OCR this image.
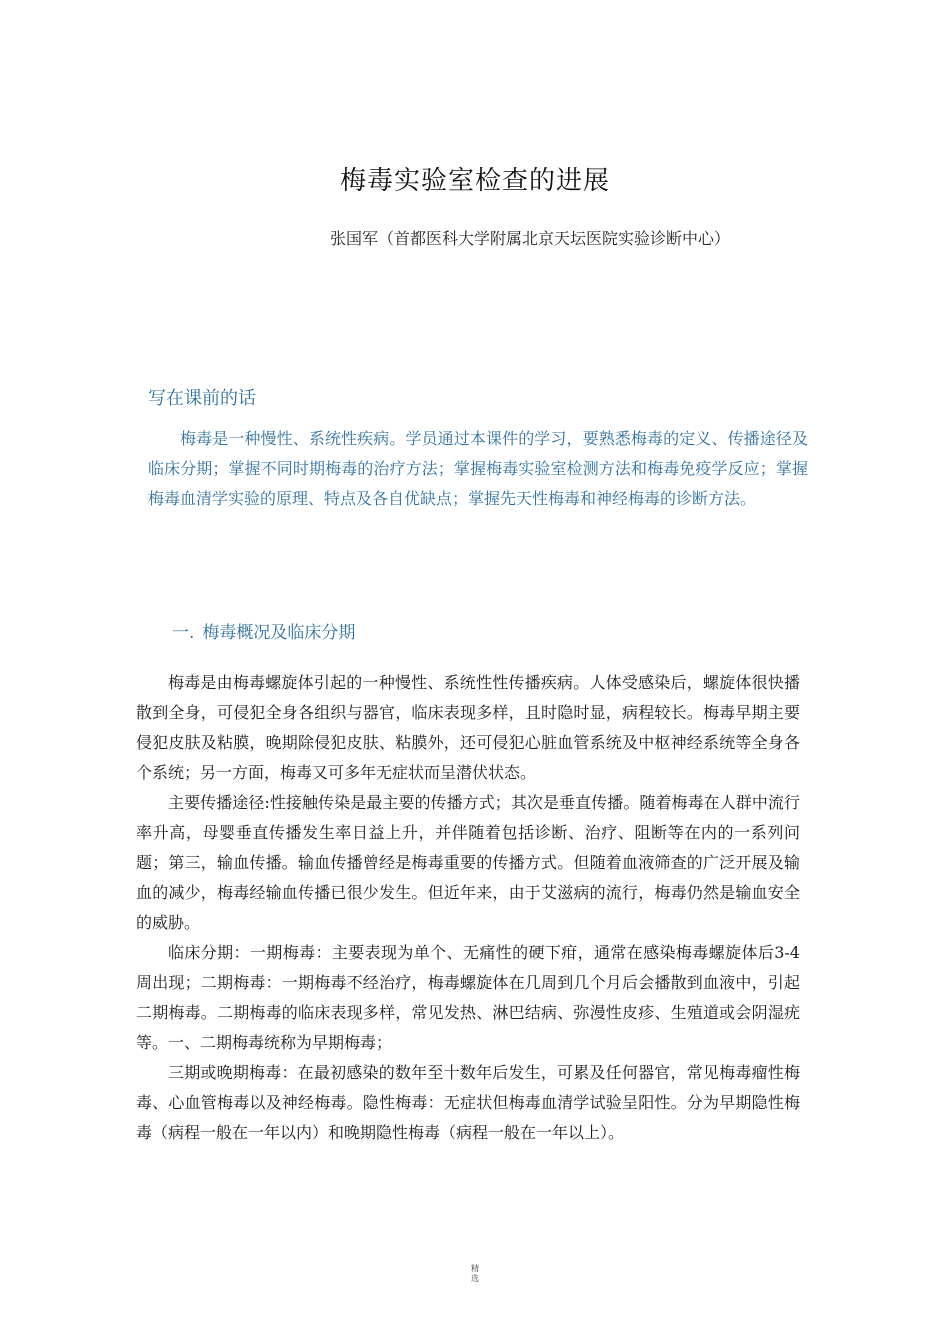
梅毒实验室检查的进展

张国军（首都医科大学附属北京天坛医院实验诊断中心）

写在课前的话

梅毒是一种慢性、系统性疾病。学员通过本课件的学习，要熟悉梅毒的定义、传播途径及临床分期；掌握不同时期梅毒的治疗方法；掌握梅毒实验室检测方法和梅毒免疫学反应；掌握梅毒血清学实验的原理、特点及各自优缺点；掌握先天性梅毒和神经梅毒的诊断方法。

一. 梅毒概况及临床分期

梅毒是由梅毒螺旋体引起的一种慢性、系统性性传播疾病。人体受感染后，螺旋体很快播散到全身，可侵犯全身各组织与器官，临床表现多样，且时隐时显，病程较长。梅毒早期主要侵犯皮肤及粘膜，晚期除侵犯皮肤、粘膜外，还可侵犯心脏血管系统及中枢神经系统等全身各个系统；另一方面，梅毒又可多年无症状而呈潜伏状态。

主要传播途径:性接触传染是最主要的传播方式；其次是垂直传播。随着梅毒在人群中流行率升高，母婴垂直传播发生率日益上升，并伴随着包括诊断、治疗、阻断等在内的一系列问题；第三，输血传播。输血传播曾经是梅毒重要的传播方式。但随着血液筛查的广泛开展及输血的减少，梅毒经输血传播已很少发生。但近年来，由于艾滋病的流行，梅毒仍然是输血安全的威胁。

临床分期：一期梅毒：主要表现为单个、无痛性的硬下疳，通常在感染梅毒螺旋体后3-4周出现；二期梅毒：一期梅毒不经治疗，梅毒螺旋体在几周到几个月后会播散到血液中，引起二期梅毒。二期梅毒的临床表现多样，常见发热、淋巴结病、弥漫性皮疹、生殖道或会阴湿疣等。一、二期梅毒统称为早期梅毒；

三期或晚期梅毒：在最初感染的数年至十数年后发生，可累及任何器官，常见梅毒瘤性梅毒、心血管梅毒以及神经梅毒。隐性梅毒：无症状但梅毒血清学试验呈阳性。分为早期隐性梅毒（病程一般在一年以内）和晚期隐性梅毒（病程一般在一年以上）。

精
选
